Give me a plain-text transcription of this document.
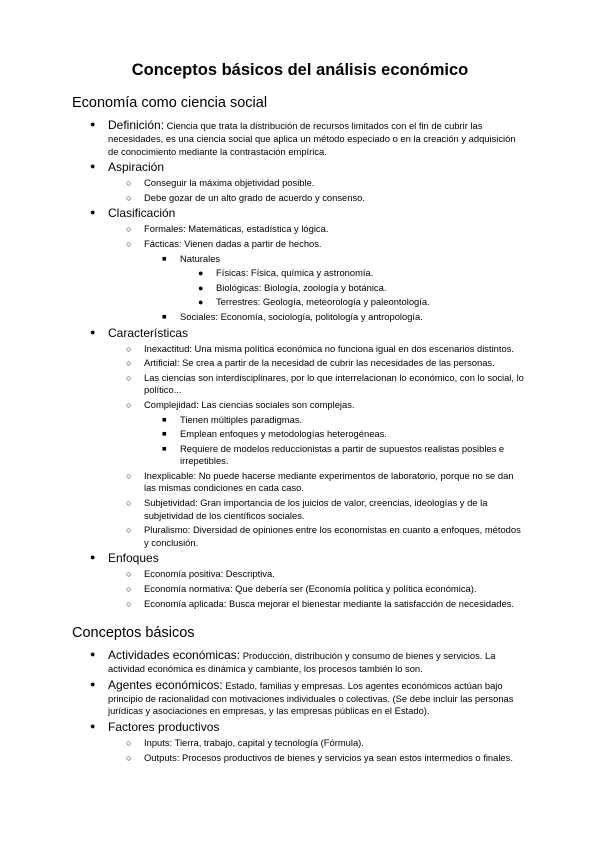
Conceptos básicos del análisis económico
Economía como ciencia social
●	Definición: Ciencia que trata la distribución de recursos limitados con el fin de cubrir las necesidades, es una ciencia social que aplica un método especiado o en la creación y adquisición de conocimiento mediante la contrastación empírica.
●	Aspiración
○	Conseguir la máxima objetividad posible.
○	Debe gozar de un alto grado de acuerdo y consenso.
●	Clasificación
○	Formales: Matemáticas, estadística y lógica.
○	Fácticas: Vienen dadas a partir de hechos.
■	Naturales
●	Físicas: Física, química y astronomía.
●	Biológicas: Biología, zoología y botánica.
●	Terrestres: Geología, meteorología y paleontología.
■	Sociales: Economía, sociología, politología y antropología.
●	Características
○	Inexactitud: Una misma política económica no funciona igual en dos escenarios distintos.
○	Artificial: Se crea a partir de la necesidad de cubrir las necesidades de las personas.
○	Las ciencias son interdisciplinares, por lo que interrelacionan lo económico, con lo social, lo político...
○	Complejidad: Las ciencias sociales son complejas.
■	Tienen múltiples paradigmas.
■	Emplean enfoques y metodologías heterogéneas.
■	Requiere de modelos reduccionistas a partir de supuestos realistas posibles e irrepetibles.
○	Inexplicable: No puede hacerse mediante experimentos de laboratorio, porque no se dan las mismas condiciones en cada caso.
○	Subjetividad: Gran importancia de los juicios de valor, creencias, ideologías y de la subjetividad de los científicos sociales.
○	Pluralismo: Diversidad de opiniones entre los economistas en cuanto a enfoques, métodos y conclusión.
●	Enfoques
○	Economía positiva: Descriptiva.
○	Economía normativa: Que debería ser (Economía política y política económica).
○	Economía aplicada: Busca mejorar el bienestar mediante la satisfacción de necesidades.
Conceptos básicos
●	Actividades económicas: Producción, distribución y consumo de bienes y servicios. La actividad económica es dinámica y cambiante, los procesos también lo son.
●	Agentes económicos: Estado, familias y empresas. Los agentes económicos actúan bajo principio de racionalidad con motivaciones individuales o colectivas. (Se debe incluir las personas jurídicas y asociaciones en empresas, y las empresas públicas en el Estado).
●	Factores productivos
○	Inputs: Tierra, trabajo, capital y tecnología (Fórmula).
○	Outputs: Procesos productivos de bienes y servicios ya sean estos intermedios o finales.
